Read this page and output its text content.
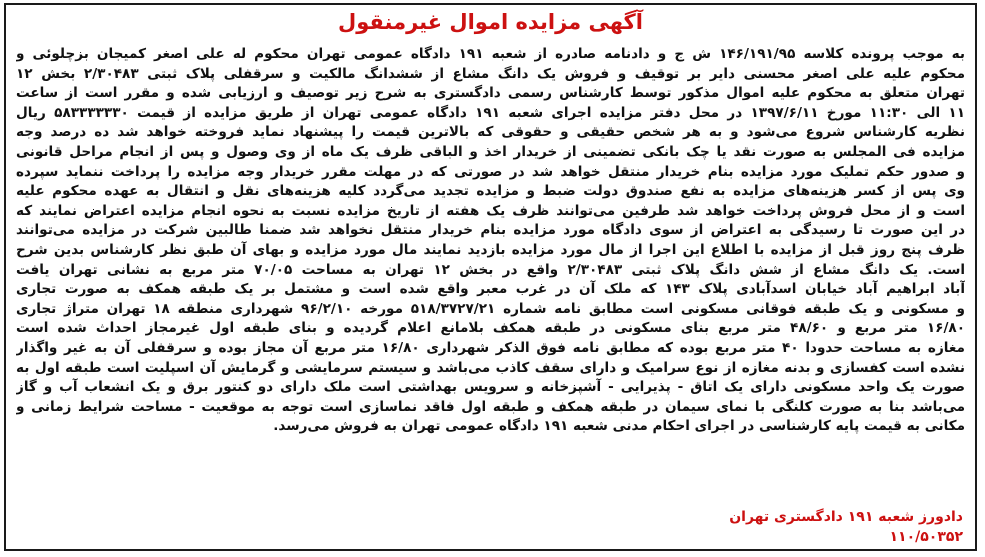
آگهی مزایده اموال غیرمنقول
به موجب پرونده کلاسه ۱۴۶/۱۹۱/۹۵ ش ج و دادنامه صادره از شعبه ۱۹۱ دادگاه عمومی تهران محکوم له علی اصغر کمیجان بزچلوئی و
محکوم علیه علی اصغر محسنی دایر بر توقیف و فروش یک دانگ مشاع از ششدانگ مالکیت و سرقفلی پلاک ثبتی ۲/۳۰۴۸۳ بخش ۱۲
تهران متعلق به محکوم علیه اموال مذکور توسط کارشناس رسمی دادگستری به شرح زیر توصیف و ارزیابی شده و مقرر است از ساعت
۱۱ الی ۱۱:۳۰ مورخ ۱۳۹۷/۶/۱۱ در محل دفتر مزایده اجرای شعبه ۱۹۱ دادگاه عمومی تهران از طریق مزایده از قیمت ۵۸۳۳۳۳۳۳۰ ریال
نظریه کارشناس شروع می‌شود و به هر شخص حقیقی و حقوقی که بالاترین قیمت را پیشنهاد نماید فروخته خواهد شد ده درصد وجه
مزایده فی المجلس به صورت نقد یا چک بانکی تضمینی از خریدار اخذ و الباقی ظرف یک ماه از وی وصول و پس از انجام مراحل قانونی
و صدور حکم تملیک مورد مزایده بنام خریدار منتقل خواهد شد در صورتی که در مهلت مقرر خریدار وجه مزایده را پرداخت ننماید سپرده
وی پس از کسر هزینه‌های مزایده به نفع صندوق دولت ضبط و مزایده تجدید می‌گردد کلیه هزینه‌های نقل و انتقال به عهده محکوم علیه
است و از محل فروش پرداخت خواهد شد طرفین می‌توانند ظرف یک هفته از تاریخ مزایده نسبت به نحوه انجام مزایده اعتراض نمایند که
در این صورت تا رسیدگی به اعتراض از سوی دادگاه مورد مزایده بنام خریدار منتقل نخواهد شد ضمنا طالبین شرکت در مزایده می‌توانند
ظرف پنج روز قبل از مزایده با اطلاع این اجرا از مال مورد مزایده بازدید نمایند مال مورد مزایده و بهای آن طبق نظر کارشناس بدین شرح
است. یک دانگ مشاع از شش دانگ پلاک ثبتی ۲/۳۰۴۸۳ واقع در بخش ۱۲ تهران به مساحت ۷۰/۰۵ متر مربع به نشانی تهران یافت
آباد ابراهیم آباد خیابان اسدآبادی پلاک ۱۴۳ که ملک آن در غرب معبر واقع شده است و مشتمل بر یک طبقه همکف به صورت تجاری
و مسکونی و یک طبقه فوقانی مسکونی است مطابق نامه شماره ۵۱۸/۳۷۲۷/۲۱ مورخه ۹۶/۲/۱۰ شهرداری منطقه ۱۸ تهران متراژ تجاری
۱۶/۸۰ متر مربع و ۴۸/۶۰ متر مربع بنای مسکونی در طبقه همکف بلامانع اعلام گردیده و بنای طبقه اول غیرمجاز احداث شده است
مغازه به مساحت حدودا ۴۰ متر مربع بوده که مطابق نامه فوق الذکر شهرداری ۱۶/۸۰ متر مربع آن مجاز بوده و سرقفلی آن به غیر واگذار
نشده است کفسازی و بدنه مغازه از نوع سرامیک و دارای سقف کاذب می‌باشد و سیستم سرمایشی و گرمایش آن اسپلیت است طبقه اول به
صورت یک واحد مسکونی دارای یک اتاق - پذیرایی - آشپزخانه و سرویس بهداشتی است ملک دارای دو کنتور برق و یک انشعاب آب و گاز
می‌باشد بنا به صورت کلنگی با نمای سیمان در طبقه همکف و طبقه اول فاقد نماسازی است توجه به موقعیت - مساحت شرایط زمانی و
مکانی به قیمت پایه کارشناسی در اجرای احکام مدنی شعبه ۱۹۱ دادگاه عمومی تهران به فروش می‌رسد.
دادورز شعبه ۱۹۱ دادگستری تهران
۱۱۰/۵۰۳۵۲
